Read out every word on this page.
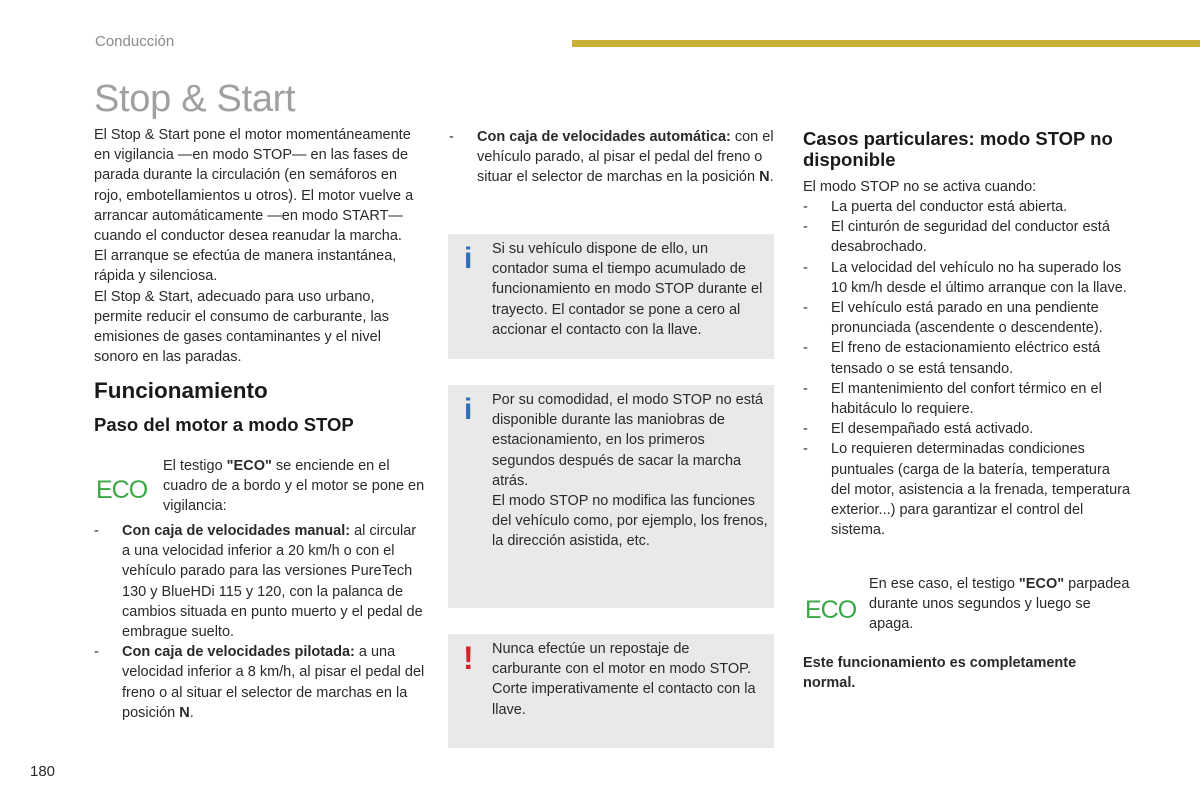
Conducción
Stop & Start

El Stop & Start pone el motor momentáneamente en vigilancia —en modo STOP— en las fases de parada durante la circulación (en semáforos en rojo, embotellamientos u otros). El motor vuelve a arrancar automáticamente —en modo START— cuando el conductor desea reanudar la marcha.

El arranque se efectúa de manera instantánea, rápida y silenciosa.

El Stop & Start, adecuado para uso urbano, permite reducir el consumo de carburante, las emisiones de gases contaminantes y el nivel sonoro en las paradas.

Funcionamiento
Paso del motor a modo STOP
ECO
El testigo "ECO" se enciende en el cuadro de a bordo y el motor se pone en vigilancia:
- Con caja de velocidades manual: al circular a una velocidad inferior a 20 km/h o con el vehículo parado para las versiones PureTech 130 y BlueHDi 115 y 120, con la palanca de cambios situada en punto muerto y el pedal de embrague suelto.
- Con caja de velocidades pilotada: a una velocidad inferior a 8 km/h, al pisar el pedal del freno o al situar el selector de marchas en la posición N.
- Con caja de velocidades automática: con el vehículo parado, al pisar el pedal del freno o situar el selector de marchas en la posición N.
i Si su vehículo dispone de ello, un contador suma el tiempo acumulado de funcionamiento en modo STOP durante el trayecto. El contador se pone a cero al accionar el contacto con la llave.
i Por su comodidad, el modo STOP no está disponible durante las maniobras de estacionamiento, en los primeros segundos después de sacar la marcha atrás.

El modo STOP no modifica las funciones del vehículo como, por ejemplo, los frenos, la dirección asistida, etc.

! Nunca efectúe un repostaje de carburante con el motor en modo STOP. Corte imperativamente el contacto con la llave.
Casos particulares: modo STOP no disponible
El modo STOP no se activa cuando:
- La puerta del conductor está abierta.
- El cinturón de seguridad del conductor está desabrochado.
- La velocidad del vehículo no ha superado los 10 km/h desde el último arranque con la llave.
- El vehículo está parado en una pendiente pronunciada (ascendente o descendente).
- El freno de estacionamiento eléctrico está tensado o se está tensando.
- El mantenimiento del confort térmico en el habitáculo lo requiere.
- El desempañado está activado.
- Lo requieren determinadas condiciones puntuales (carga de la batería, temperatura del motor, asistencia a la frenada, temperatura exterior...) para garantizar el control del sistema.
ECO
En ese caso, el testigo "ECO" parpadea durante unos segundos y luego se apaga.
Este funcionamiento es completamente normal.
180
